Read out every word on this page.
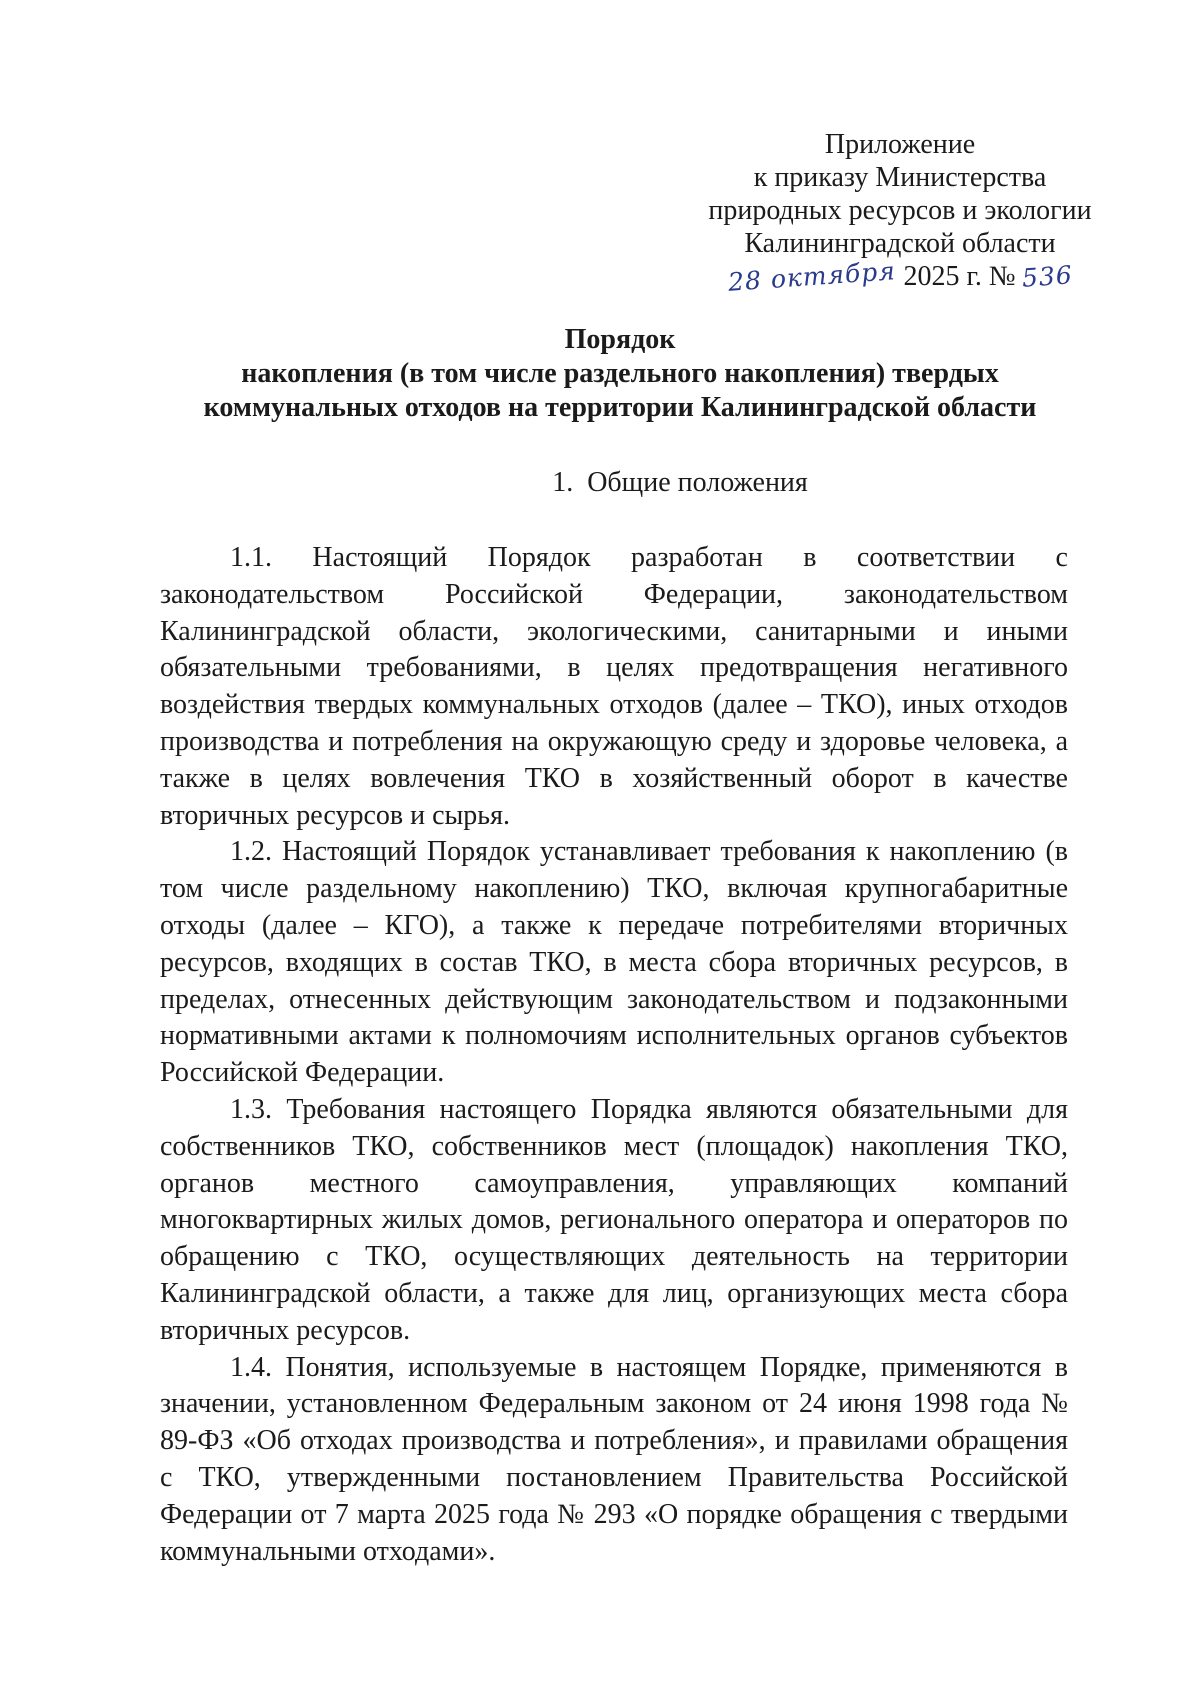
Приложение
к приказу Министерства
природных ресурсов и экологии
Калининградской области
28 октября 2025 г. № 536
Порядок
накопления (в том числе раздельного накопления) твердых
коммунальных отходов на территории Калининградской области
1. Общие положения

1.1. Настоящий Порядок разработан в соответствии с законодательством Российской Федерации, законодательством Калининградской области, экологическими, санитарными и иными обязательными требованиями, в целях предотвращения негативного воздействия твердых коммунальных отходов (далее – ТКО), иных отходов производства и потребления на окружающую среду и здоровье человека, а также в целях вовлечения ТКО в хозяйственный оборот в качестве вторичных ресурсов и сырья.

1.2. Настоящий Порядок устанавливает требования к накоплению (в том числе раздельному накоплению) ТКО, включая крупногабаритные отходы (далее – КГО), а также к передаче потребителями вторичных ресурсов, входящих в состав ТКО, в места сбора вторичных ресурсов, в пределах, отнесенных действующим законодательством и подзаконными нормативными актами к полномочиям исполнительных органов субъектов Российской Федерации.

1.3. Требования настоящего Порядка являются обязательными для собственников ТКО, собственников мест (площадок) накопления ТКО, органов местного самоуправления, управляющих компаний многоквартирных жилых домов, регионального оператора и операторов по обращению с ТКО, осуществляющих деятельность на территории Калининградской области, а также для лиц, организующих места сбора вторичных ресурсов.

1.4. Понятия, используемые в настоящем Порядке, применяются в значении, установленном Федеральным законом от 24 июня 1998 года № 89-ФЗ «Об отходах производства и потребления», и правилами обращения с ТКО, утвержденными постановлением Правительства Российской Федерации от 7 марта 2025 года № 293 «О порядке обращения с твердыми коммунальными отходами».
